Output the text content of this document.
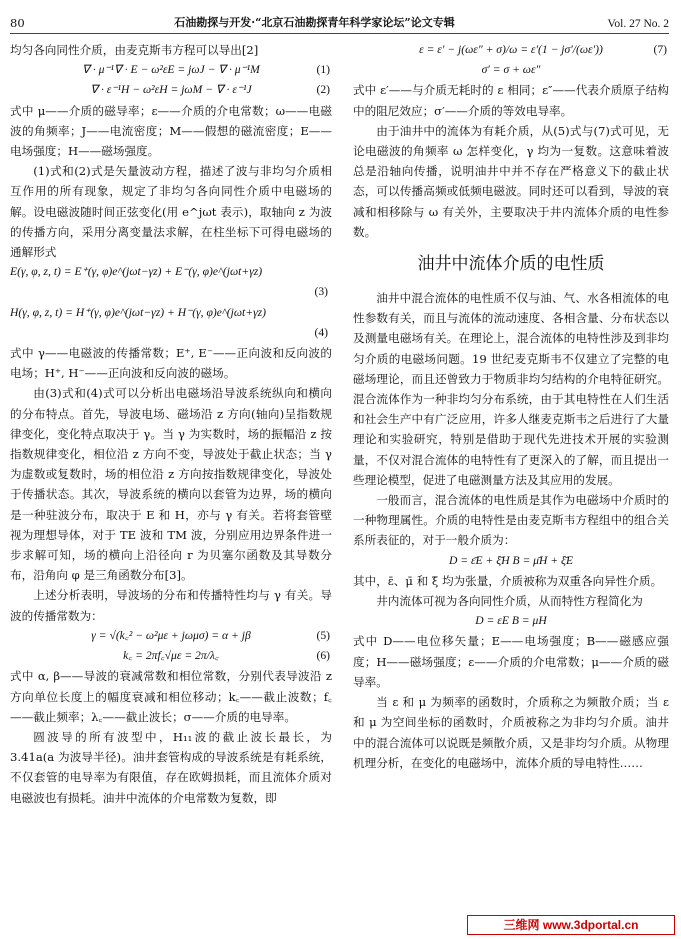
80	石油勘探与开发·“北京石油勘探青年科学家论坛”论文专辑	Vol. 27 No. 2

均匀各向同性介质，由麦克斯韦方程可以导出[2]

∇ · μ⁻¹∇ · E − ω²εE = jωJ − ∇ · μ⁻¹M	(1)
∇ · ε⁻¹H − ω²εH = jωM − ∇ · ε⁻¹J	(2)

式中 μ——介质的磁导率；ε——介质的介电常数；ω——电磁波的角频率；J——电流密度；M——假想的磁流密度；E——电场强度；H——磁场强度。

(1)式和(2)式是矢量波动方程，描述了波与非均匀介质相互作用的所有现象，规定了非均匀各向同性介质中电磁场的解。设电磁波随时间正弦变化(用 e^jωt 表示)，取轴向 z 为波的传播方向，采用分离变量法求解，在柱坐标下可得电磁场的通解形式

E(γ, φ, z, t) = E⁺(γ, φ)e^(jωt−γz) + E⁻(γ, φ)e^(jωt+γz)
(3)
H(γ, φ, z, t) = H⁺(γ, φ)e^(jωt−γz) + H⁻(γ, φ)e^(jωt+γz)
(4)

式中 γ——电磁波的传播常数；E⁺, E⁻——正向波和反向波的电场；H⁺, H⁻——正向波和反向波的磁场。

由(3)式和(4)式可以分析出电磁场沿导波系统纵向和横向的分布特点。首先，导波电场、磁场沿 z 方向(轴向)呈指数规律变化，变化特点取决于 γ。当 γ 为实数时，场的振幅沿 z 按指数规律变化，相位沿 z 方向不变，导波处于截止状态；当 γ 为虚数或复数时，场的相位沿 z 方向按指数规律变化，导波处于传播状态。其次，导波系统的横向以套管为边界，场的横向是一种驻波分布，取决于 E 和 H，亦与 γ 有关。若将套管壁视为理想导体，对于 TE 波和 TM 波，分别应用边界条件进一步求解可知，场的横向上沿径向 r 为贝塞尔函数及其导数分布，沿角向 φ 是三角函数分布[3]。

上述分析表明，导波场的分布和传播特性均与 γ 有关。导波的传播常数为：

γ = √(k꜀² − ω²με + jωμσ) = α + jβ	(5)
k꜀ = 2πf꜀√με = 2π/λ꜀	(6)

式中 α, β——导波的衰减常数和相位常数，分别代表导波沿 z 方向单位长度上的幅度衰减和相位移动；k꜀——截止波数；f꜀——截止频率；λ꜀——截止波长；σ——介质的电导率。

圆波导的所有波型中，H₁₁波的截止波长最长，为 3.41a(a 为波导半径)。油井套管构成的导波系统是有耗系统，不仅套管的电导率为有限值，存在欧姆损耗，而且流体介质对电磁波也有损耗。油井中流体的介电常数为复数，即

ε = ε′ − j(ωε″ + σ)/ω = ε′(1 − jσ′/(ωε′))	(7)
σ′ = σ + ωε″

式中 ε′——与介质无耗时的 ε 相同；ε″——代表介质原子结构中的阻尼效应；σ′——介质的等效电导率。

由于油井中的流体为有耗介质，从(5)式与(7)式可见，无论电磁波的角频率 ω 怎样变化，γ 均为一复数。这意味着波总是沿轴向传播，说明油井中并不存在严格意义下的截止状态，可以传播高频或低频电磁波。同时还可以看到，导波的衰减和相移除与 ω 有关外，主要取决于井内流体介质的电性参数。

油井中流体介质的电性质

油井中混合流体的电性质不仅与油、气、水各相流体的电性参数有关，而且与流体的流动速度、各相含量、分布状态以及测量电磁场有关。在理论上，混合流体的电特性涉及到非均匀介质的电磁场问题。19 世纪麦克斯韦不仅建立了完整的电磁场理论，而且还曾致力于物质非均匀结构的介电特征研究。混合流体作为一种非均匀分布系统，由于其电特性在人们生活和社会生产中有广泛应用，许多人继麦克斯韦之后进行了大量理论和实验研究，特别是借助于现代先进技术开展的实验测量，不仅对混合流体的电特性有了更深入的了解，而且提出一些理论模型，促进了电磁测量方法及其应用的发展。

一般而言，混合流体的电性质是其作为电磁场中介质时的一种物理属性。介质的电特性是由麦克斯韦方程组中的组合关系所表征的，对于一般介质为：

D = ε̄E + ξ̄H B = μ̄H + ξ̄E

其中，ε̄、μ̄ 和 ξ̄ 均为张量，介质被称为双重各向异性介质。

井内流体可视为各向同性介质，从而特性方程简化为

D = εE B = μH

式中 D——电位移矢量；E——电场强度；B——磁感应强度；H——磁场强度；ε——介质的介电常数；μ——介质的磁导率。

当 ε 和 μ 为频率的函数时，介质称之为频散介质；当 ε 和 μ 为空间坐标的函数时，介质被称之为非均匀介质。油井中的混合流体可以说既是频散介质，又是非均匀介质。从物理机理分析，在变化的电磁场中，流体介质的导电特性……

三维网 www.3dportal.cn
